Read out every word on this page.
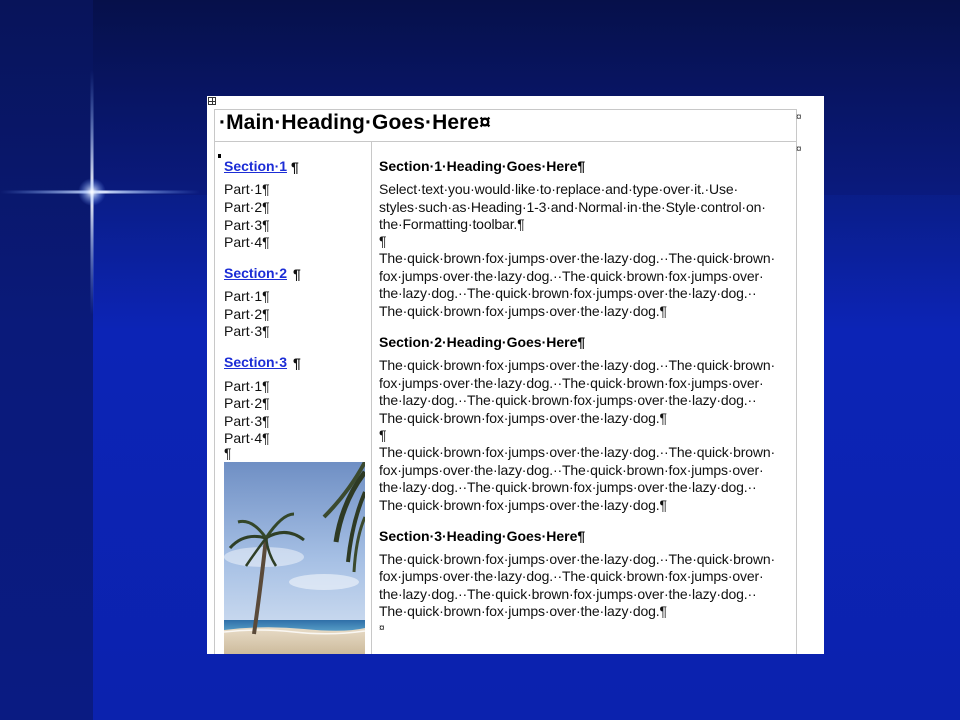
·Main·Heading·Goes·Here¤	¤
¤
Section·1 ¶
Part·1¶
Part·2¶
Part·3¶
Part·4¶
Section·2 ¶
Part·1¶
Part·2¶
Part·3¶
Section·3 ¶
Part·1¶
Part·2¶
Part·3¶
Part·4¶
¶
Section·1·Heading·Goes·Here¶
Select·text·you·would·like·to·replace·and·type·over·it.·Use·
styles·such·as·Heading·1-3·and·Normal·in·the·Style·control·on·
the·Formatting·toolbar.¶
¶
The·quick·brown·fox·jumps·over·the·lazy·dog.··The·quick·brown·
fox·jumps·over·the·lazy·dog.··The·quick·brown·fox·jumps·over·
the·lazy·dog.··The·quick·brown·fox·jumps·over·the·lazy·dog.··
The·quick·brown·fox·jumps·over·the·lazy·dog.¶
Section·2·Heading·Goes·Here¶
The·quick·brown·fox·jumps·over·the·lazy·dog.··The·quick·brown·
fox·jumps·over·the·lazy·dog.··The·quick·brown·fox·jumps·over·
the·lazy·dog.··The·quick·brown·fox·jumps·over·the·lazy·dog.··
The·quick·brown·fox·jumps·over·the·lazy·dog.¶
¶
The·quick·brown·fox·jumps·over·the·lazy·dog.··The·quick·brown·
fox·jumps·over·the·lazy·dog.··The·quick·brown·fox·jumps·over·
the·lazy·dog.··The·quick·brown·fox·jumps·over·the·lazy·dog.··
The·quick·brown·fox·jumps·over·the·lazy·dog.¶
Section·3·Heading·Goes·Here¶
The·quick·brown·fox·jumps·over·the·lazy·dog.··The·quick·brown·
fox·jumps·over·the·lazy·dog.··The·quick·brown·fox·jumps·over·
the·lazy·dog.··The·quick·brown·fox·jumps·over·the·lazy·dog.··
The·quick·brown·fox·jumps·over·the·lazy·dog.¶
¤
